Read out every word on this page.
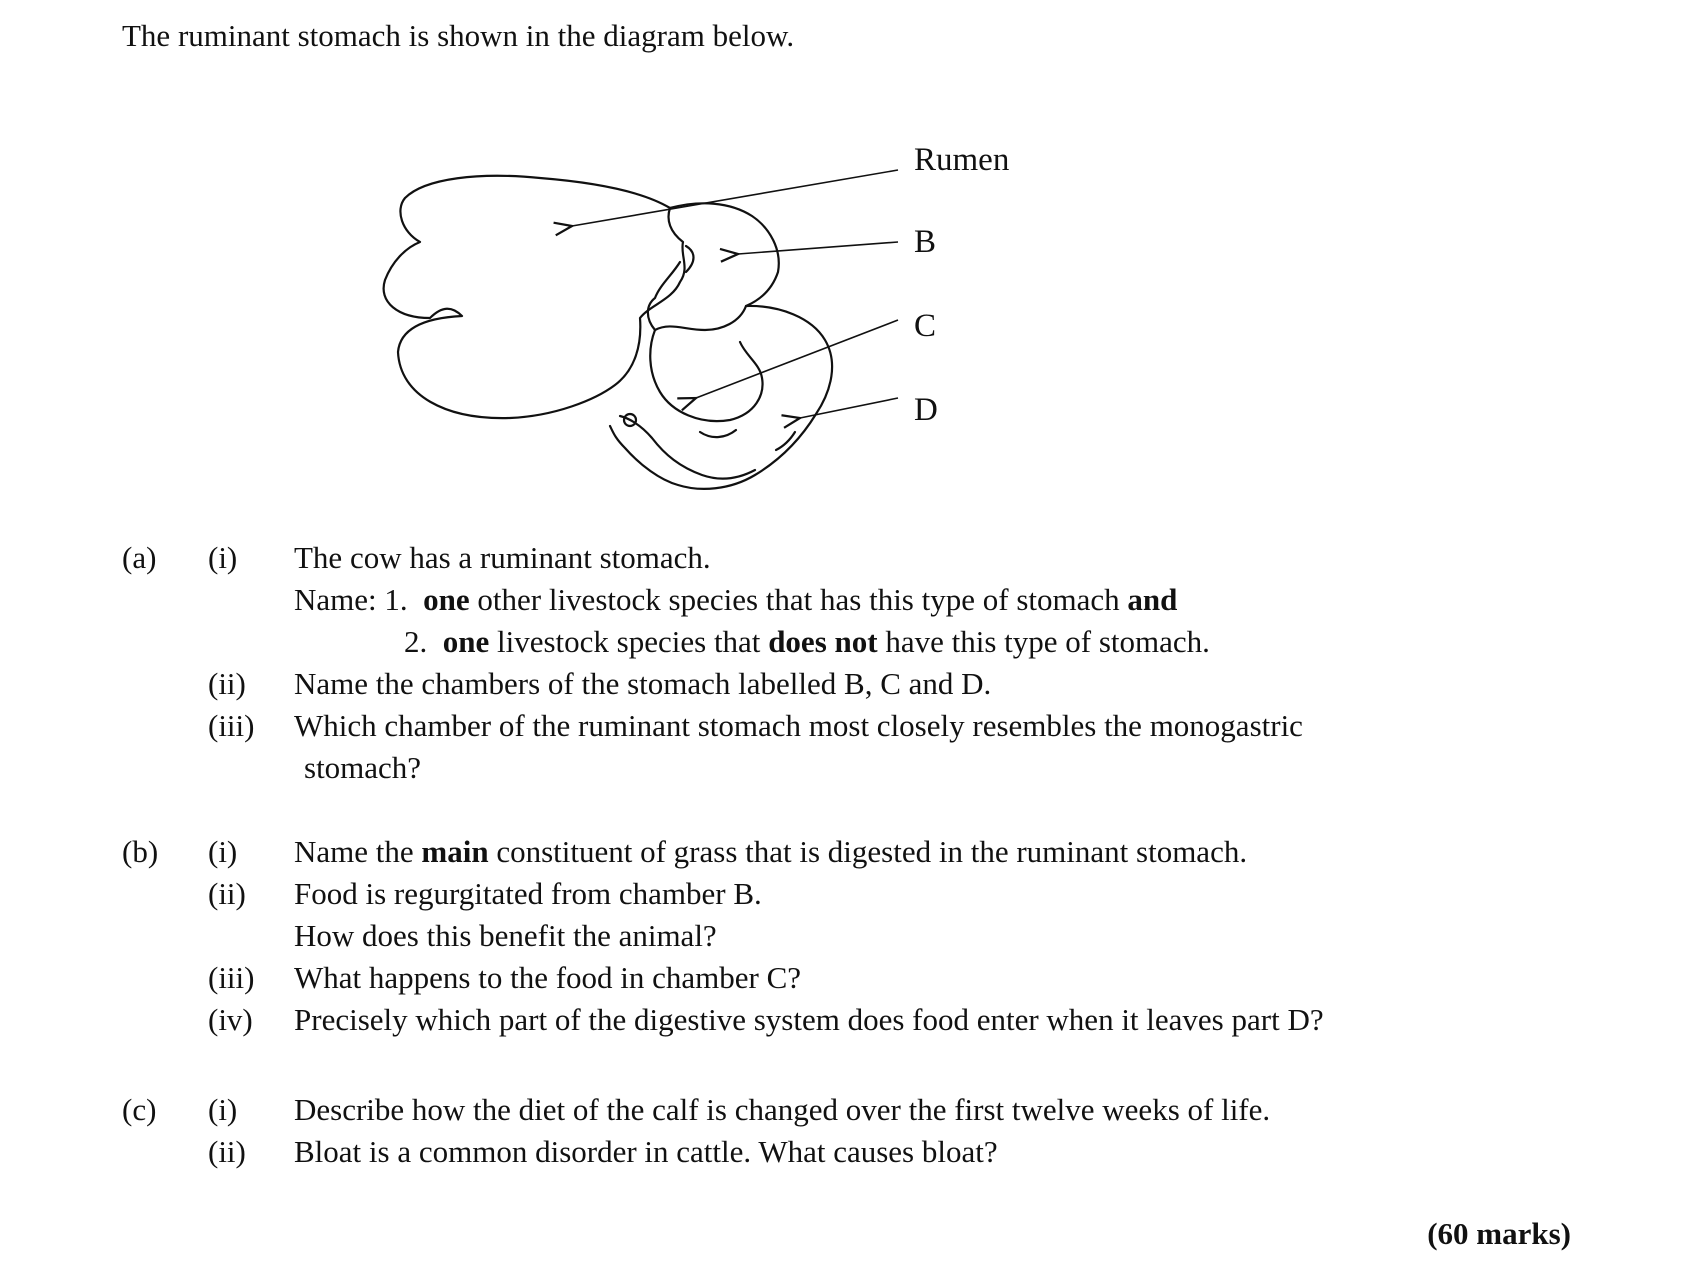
The ruminant stomach is shown in the diagram below.
Rumen
B
C
D
(a) (i) The cow has a ruminant stomach.
Name: 1. one other livestock species that has this type of stomach and
2. one livestock species that does not have this type of stomach.
(ii) Name the chambers of the stomach labelled B, C and D.
(iii) Which chamber of the ruminant stomach most closely resembles the monogastric
stomach?
(b) (i) Name the main constituent of grass that is digested in the ruminant stomach.
(ii) Food is regurgitated from chamber B.
How does this benefit the animal?
(iii) What happens to the food in chamber C?
(iv) Precisely which part of the digestive system does food enter when it leaves part D?
(c) (i) Describe how the diet of the calf is changed over the first twelve weeks of life.
(ii) Bloat is a common disorder in cattle. What causes bloat?
(60 marks)
